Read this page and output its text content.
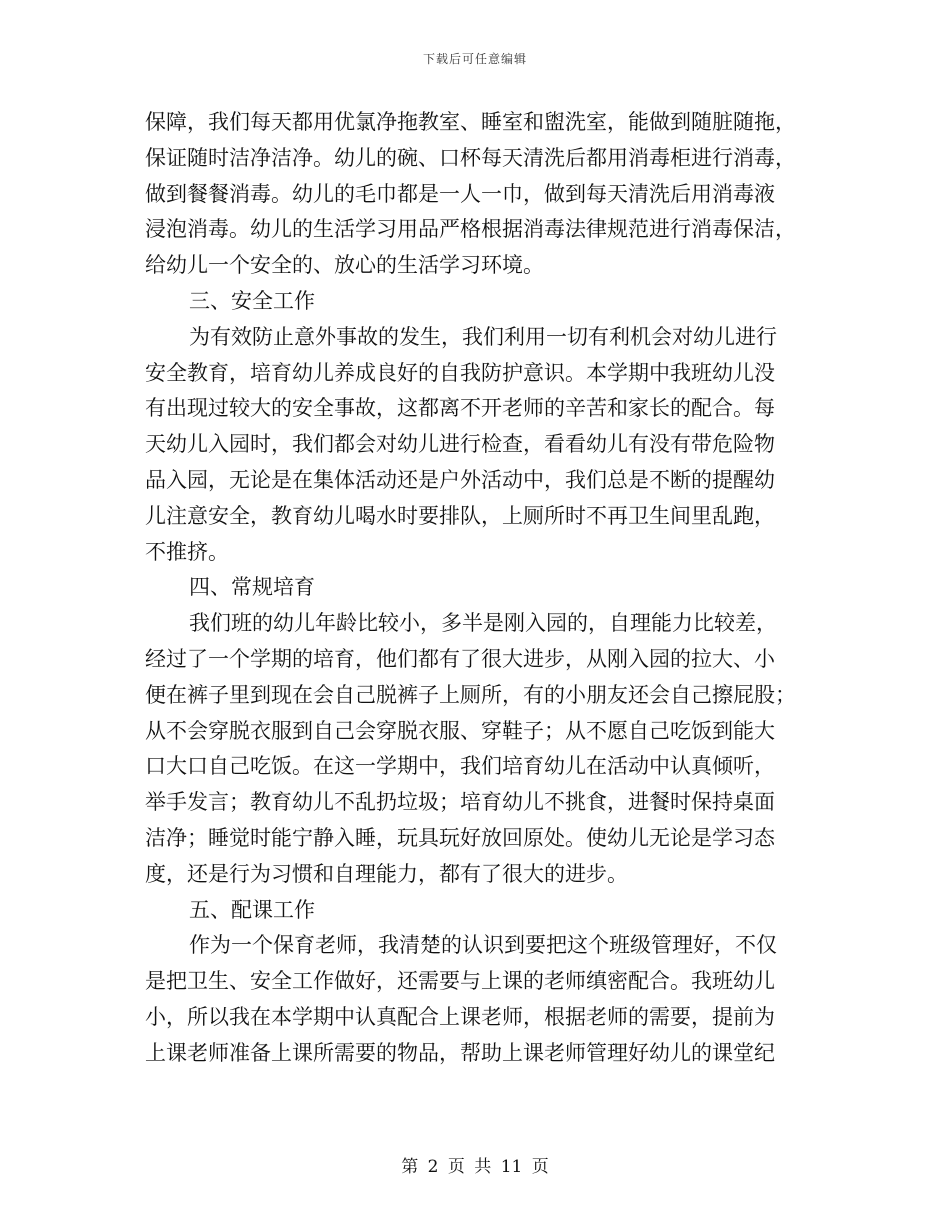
下载后可任意编辑
保障，我们每天都用优氯净拖教室、睡室和盥洗室，能做到随脏随拖，
保证随时洁净洁净。幼儿的碗、口杯每天清洗后都用消毒柜进行消毒，
做到餐餐消毒。幼儿的毛巾都是一人一巾，做到每天清洗后用消毒液
浸泡消毒。幼儿的生活学习用品严格根据消毒法律规范进行消毒保洁，
给幼儿一个安全的、放心的生活学习环境。
三、安全工作
为有效防止意外事故的发生，我们利用一切有利机会对幼儿进行
安全教育，培育幼儿养成良好的自我防护意识。本学期中我班幼儿没
有出现过较大的安全事故，这都离不开老师的辛苦和家长的配合。每
天幼儿入园时，我们都会对幼儿进行检查，看看幼儿有没有带危险物
品入园，无论是在集体活动还是户外活动中，我们总是不断的提醒幼
儿注意安全，教育幼儿喝水时要排队，上厕所时不再卫生间里乱跑，
不推挤。
四、常规培育
我们班的幼儿年龄比较小，多半是刚入园的，自理能力比较差，
经过了一个学期的培育，他们都有了很大进步，从刚入园的拉大、小
便在裤子里到现在会自己脱裤子上厕所，有的小朋友还会自己擦屁股；
从不会穿脱衣服到自己会穿脱衣服、穿鞋子；从不愿自己吃饭到能大
口大口自己吃饭。在这一学期中，我们培育幼儿在活动中认真倾听，
举手发言；教育幼儿不乱扔垃圾；培育幼儿不挑食，进餐时保持桌面
洁净；睡觉时能宁静入睡，玩具玩好放回原处。使幼儿无论是学习态
度，还是行为习惯和自理能力，都有了很大的进步。
五、配课工作
作为一个保育老师，我清楚的认识到要把这个班级管理好，不仅
是把卫生、安全工作做好，还需要与上课的老师缜密配合。我班幼儿
小，所以我在本学期中认真配合上课老师，根据老师的需要，提前为
上课老师准备上课所需要的物品，帮助上课老师管理好幼儿的课堂纪
第 2 页 共 11 页
